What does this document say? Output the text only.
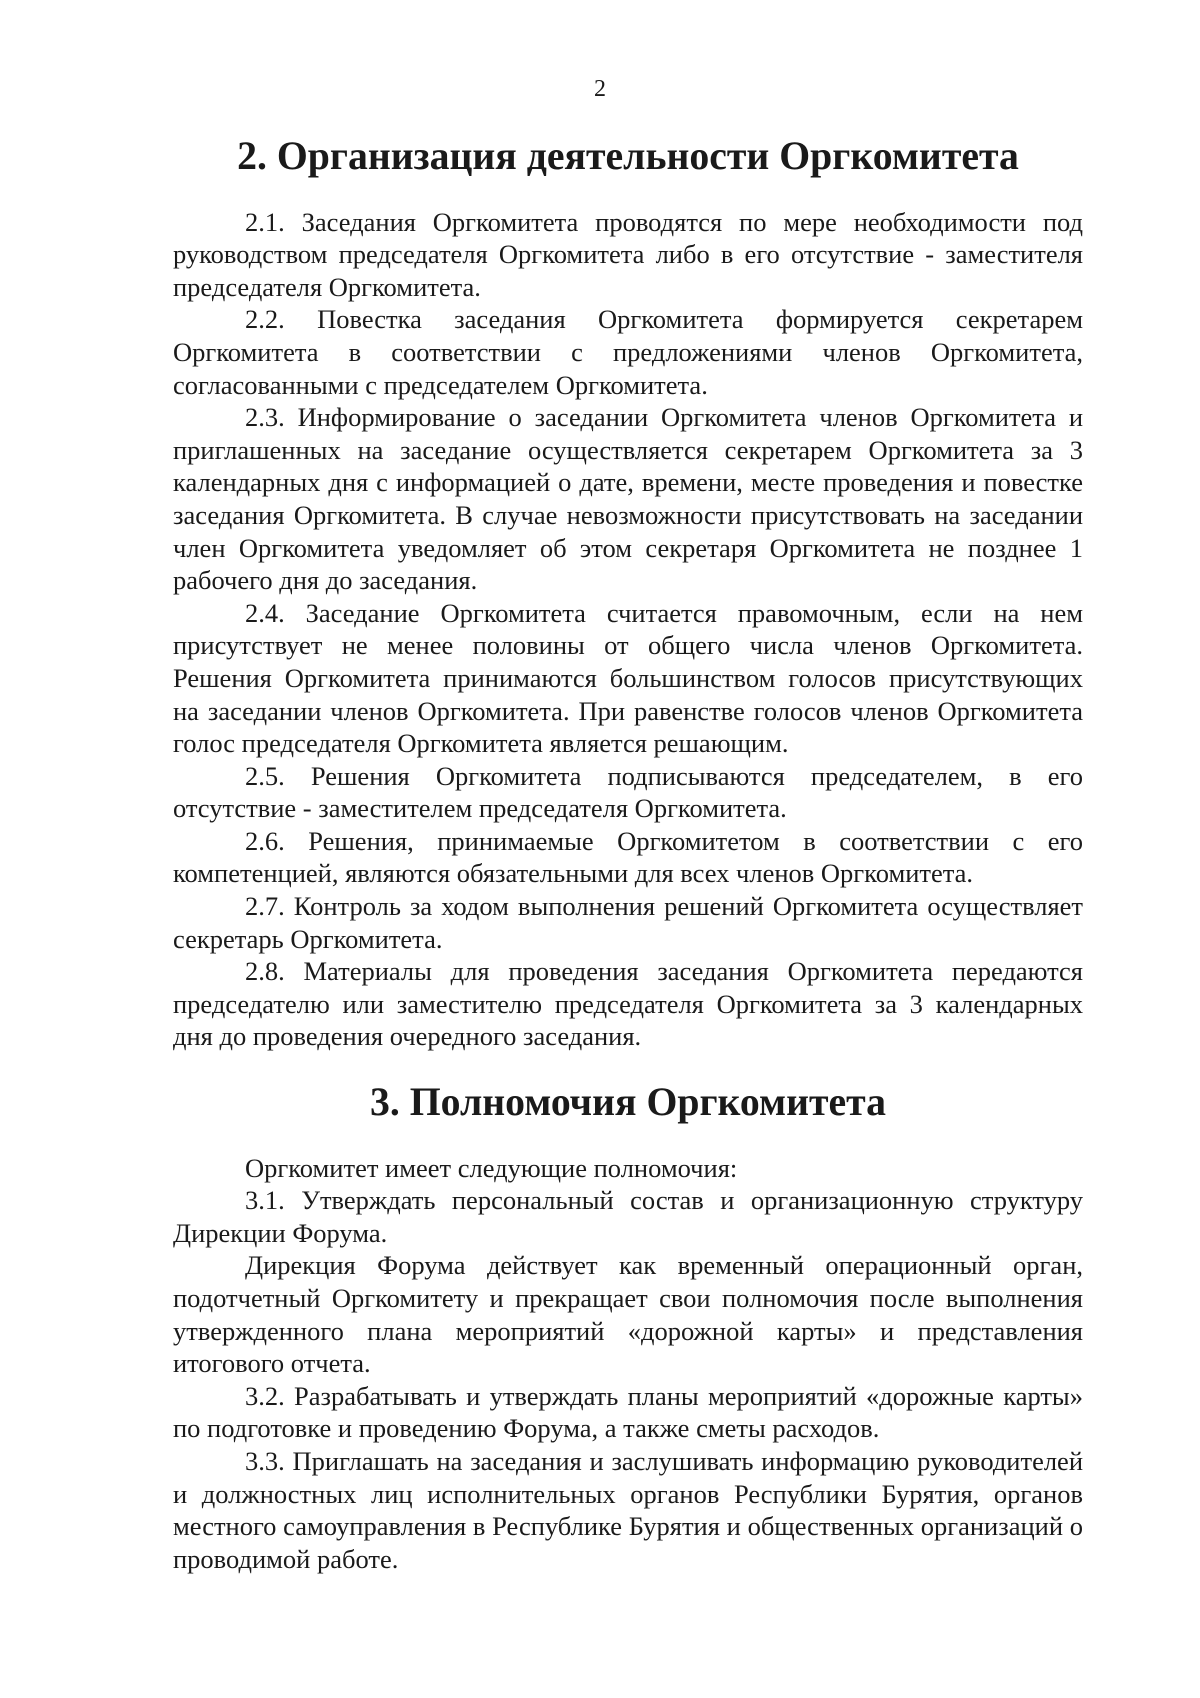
2
2. Организация деятельности Оргкомитета

2.1. Заседания Оргкомитета проводятся по мере необходимости под руководством председателя Оргкомитета либо в его отсутствие - заместителя председателя Оргкомитета.

2.2. Повестка заседания Оргкомитета формируется секретарем Оргкомитета в соответствии с предложениями членов Оргкомитета, согласованными с председателем Оргкомитета.

2.3. Информирование о заседании Оргкомитета членов Оргкомитета и приглашенных на заседание осуществляется секретарем Оргкомитета за 3 календарных дня с информацией о дате, времени, месте проведения и повестке заседания Оргкомитета. В случае невозможности присутствовать на заседании член Оргкомитета уведомляет об этом секретаря Оргкомитета не позднее 1 рабочего дня до заседания.

2.4. Заседание Оргкомитета считается правомочным, если на нем присутствует не менее половины от общего числа членов Оргкомитета. Решения Оргкомитета принимаются большинством голосов присутствующих на заседании членов Оргкомитета. При равенстве голосов членов Оргкомитета голос председателя Оргкомитета является решающим.

2.5. Решения Оргкомитета подписываются председателем, в его отсутствие - заместителем председателя Оргкомитета.

2.6. Решения, принимаемые Оргкомитетом в соответствии с его компетенцией, являются обязательными для всех членов Оргкомитета.

2.7. Контроль за ходом выполнения решений Оргкомитета осуществляет секретарь Оргкомитета.

2.8. Материалы для проведения заседания Оргкомитета передаются председателю или заместителю председателя Оргкомитета за 3 календарных дня до проведения очередного заседания.

3. Полномочия Оргкомитета

Оргкомитет имеет следующие полномочия:

3.1. Утверждать персональный состав и организационную структуру Дирекции Форума.

Дирекция Форума действует как временный операционный орган, подотчетный Оргкомитету и прекращает свои полномочия после выполнения утвержденного плана мероприятий «дорожной карты» и представления итогового отчета.

3.2. Разрабатывать и утверждать планы мероприятий «дорожные карты» по подготовке и проведению Форума, а также сметы расходов.

3.3. Приглашать на заседания и заслушивать информацию руководителей и должностных лиц исполнительных органов Республики Бурятия, органов местного самоуправления в Республике Бурятия и общественных организаций о проводимой работе.
